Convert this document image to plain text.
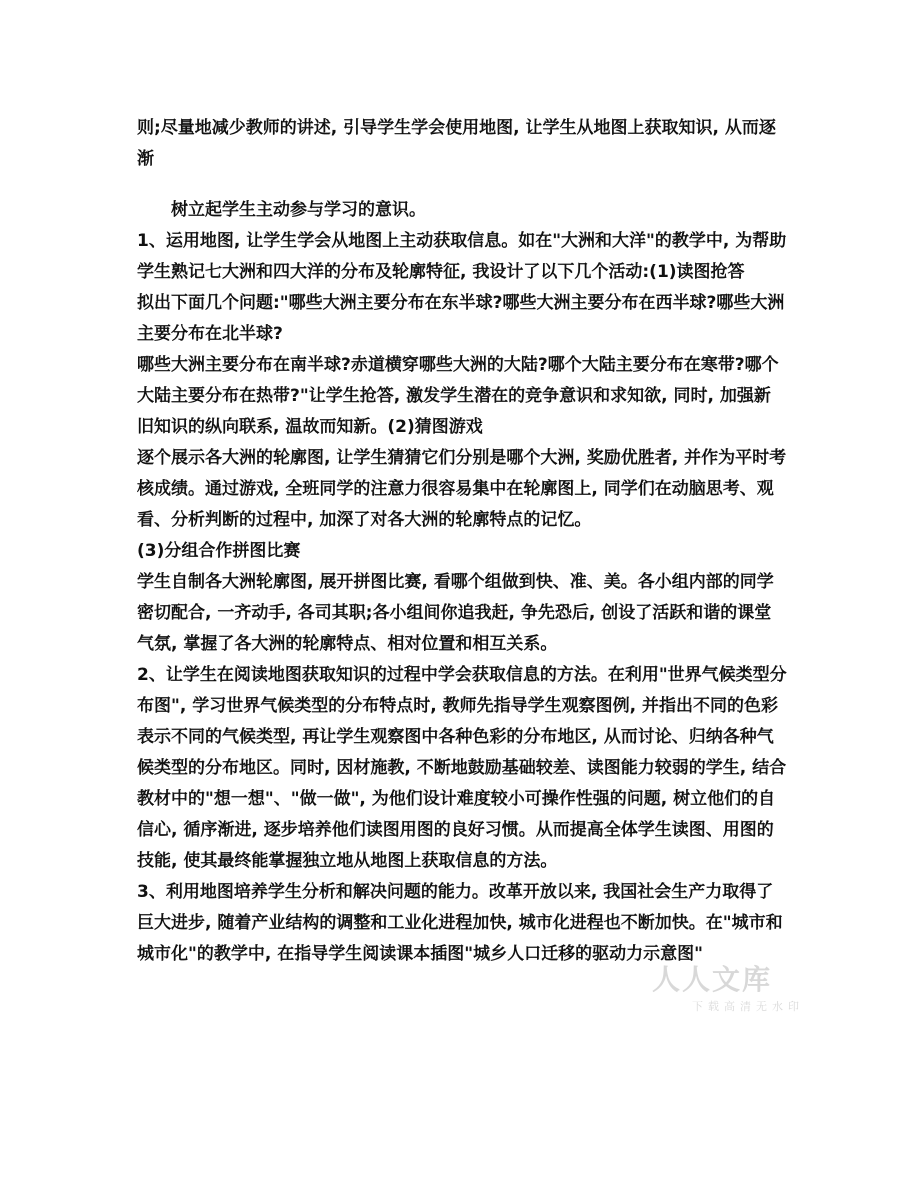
则;尽量地减少教师的讲述, 引导学生学会使用地图, 让学生从地图上获取知识, 从而逐渐

树立起学生主动参与学习的意识。

1、运用地图, 让学生学会从地图上主动获取信息。如在"大洲和大洋"的教学中, 为帮助学生熟记七大洲和四大洋的分布及轮廓特征, 我设计了以下几个活动:(1)读图抢答

拟出下面几个问题:"哪些大洲主要分布在东半球?哪些大洲主要分布在西半球?哪些大洲主要分布在北半球?

哪些大洲主要分布在南半球?赤道横穿哪些大洲的大陆?哪个大陆主要分布在寒带?哪个大陆主要分布在热带?"让学生抢答, 激发学生潜在的竞争意识和求知欲, 同时, 加强新旧知识的纵向联系, 温故而知新。(2)猜图游戏

逐个展示各大洲的轮廓图, 让学生猜猜它们分别是哪个大洲, 奖励优胜者, 并作为平时考核成绩。通过游戏, 全班同学的注意力很容易集中在轮廓图上, 同学们在动脑思考、观看、分析判断的过程中, 加深了对各大洲的轮廓特点的记忆。

(3)分组合作拼图比赛

学生自制各大洲轮廓图, 展开拼图比赛, 看哪个组做到快、准、美。各小组内部的同学密切配合, 一齐动手, 各司其职;各小组间你追我赶, 争先恐后, 创设了活跃和谐的课堂气氛, 掌握了各大洲的轮廓特点、相对位置和相互关系。

2、让学生在阅读地图获取知识的过程中学会获取信息的方法。在利用"世界气候类型分布图", 学习世界气候类型的分布特点时, 教师先指导学生观察图例, 并指出不同的色彩表示不同的气候类型, 再让学生观察图中各种色彩的分布地区, 从而讨论、归纳各种气候类型的分布地区。同时, 因材施教, 不断地鼓励基础较差、读图能力较弱的学生, 结合教材中的"想一想"、"做一做", 为他们设计难度较小可操作性强的问题, 树立他们的自信心, 循序渐进, 逐步培养他们读图用图的良好习惯。从而提高全体学生读图、用图的技能, 使其最终能掌握独立地从地图上获取信息的方法。

3、利用地图培养学生分析和解决问题的能力。改革开放以来, 我国社会生产力取得了巨大进步, 随着产业结构的调整和工业化进程加快, 城市化进程也不断加快。在"城市和城市化"的教学中, 在指导学生阅读课本插图"城乡人口迁移的驱动力示意图"

人人文库
下载高清无水印
